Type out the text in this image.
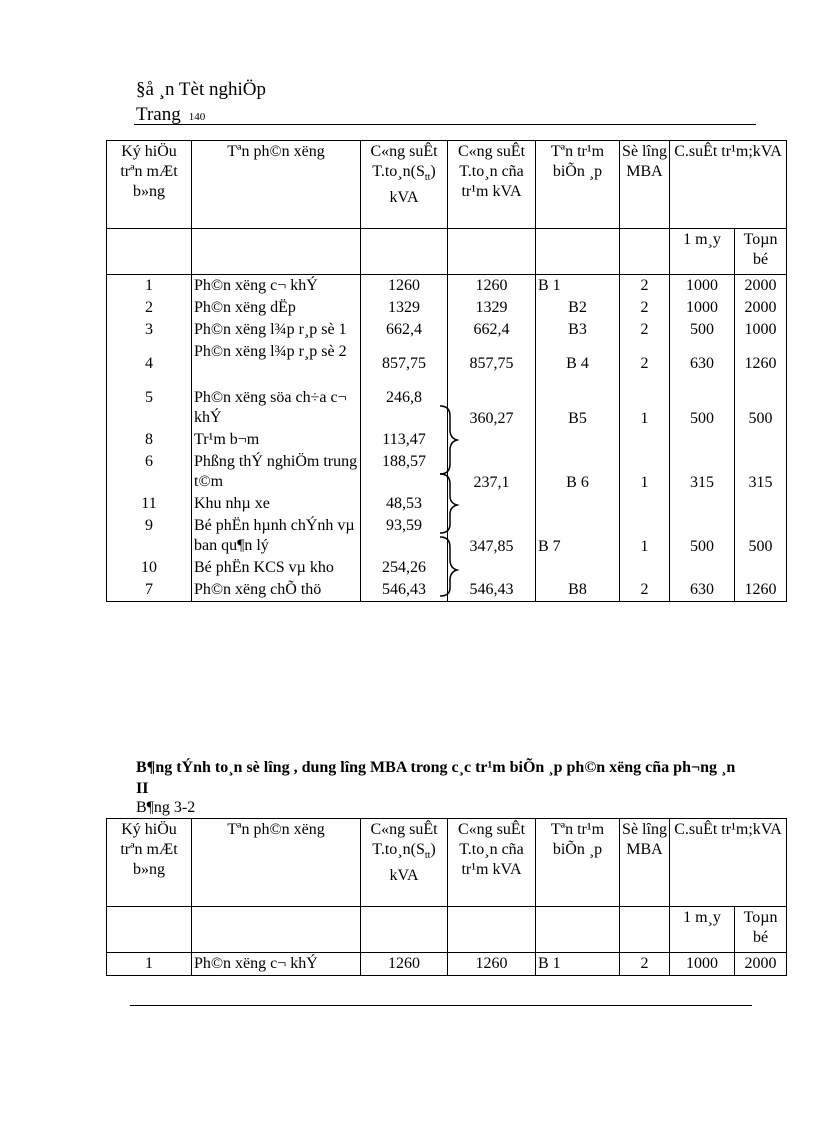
§å ¸n Tèt nghiÖp
Trang 140
Ký hiÖu trªn mÆt b»ng	Tªn ph©n xëng	C«ng suÊt $T.to¸n(S_{tt})$ kVA	C«ng suÊt T.to¸n cña tr¹m kVA	Tªn tr¹m biÕn ¸p	Sè lîng MBA	C.suÊt tr¹m;kVA	
						1 m¸y	Toµn bé
1	Ph©n xëng c¬ khÝ	1260	1260	B 1	2	1000	2000
2	Ph©n xëng dËp	1329	1329	B2	2	1000	2000
3	Ph©n xëng l¾p r¸p sè 1	662,4	662,4	B3	2	500	1000
4	Ph©n xëng l¾p r¸p sè 2	857,75	857,75	B 4	2	630	1260
5	Ph©n xëng söa ch÷a c¬ khÝ	246,8	360,27	B5	1	500	500
8	Tr¹m b¬m	113,47					
6	Phßng thÝ nghiÖm trung t©m	188,57	237,1	B 6	1	315	315
11	Khu nhµ xe	48,53					
9	Bé phËn hµnh chÝnh vµ ban qu¶n lý	93,59	347,85	B 7	1	500	500
10	Bé phËn KCS vµ kho	254,26					
7	Ph©n xëng chÕ thö	546,43	546,43	B8	2	630	1260
B¶ng tÝnh to¸n sè lîng , dung lîng MBA trong c¸c tr¹m biÕn ¸p ph©n xëng cña ph¬ng ¸n II
B¶ng 3-2
Ký hiÖu trªn mÆt b»ng	Tªn ph©n xëng	C«ng suÊt $T.to¸n(S_{tt})$ kVA	C«ng suÊt T.to¸n cña tr¹m kVA	Tªn tr¹m biÕn ¸p	Sè lîng MBA	C.suÊt tr¹m;kVA	
						1 m¸y	Toµn bé
1	Ph©n xëng c¬ khÝ	1260	1260	B 1	2	1000	2000
